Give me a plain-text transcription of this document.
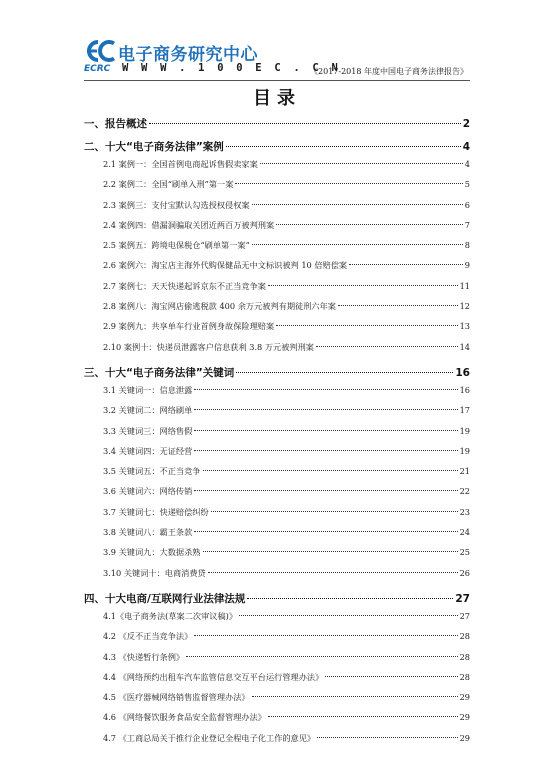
电子商务研究中心
ECRC W W W . 1 0 0 E C . C N
《2017-2018 年度中国电子商务法律报告》
目录
一、报告概述	2
二、十大“电子商务法律”案例	4
2.1 案例一：全国首例电商起诉售假卖家案	4
2.2 案例二：全国“刷单入刑”第一案	5
2.3 案例三：支付宝默认勾选授权侵权案	6
2.4 案例四：借漏洞骗取关团近两百万被判刑案	7
2.5 案例五：跨境电保税仓“刷单第一案”	8
2.6 案例六：淘宝店主海外代购保健品无中文标识被判 10 倍赔偿案	9
2.7 案例七：天天快递起诉京东不正当竞争案	11
2.8 案例八：淘宝网店偷逃税款 400 余万元被判有期徒刑六年案	12
2.9 案例九：共享单车行业首例身故保险理赔案	13
2.10 案例十：快递员泄露客户信息获利 3.8 万元被判刑案	14
三、十大“电子商务法律”关键词	16
3.1 关键词一：信息泄露	16
3.2 关键词二：网络刷单	17
3.3 关键词三：网络售假	19
3.4 关键词四：无证经营	19
3.5 关键词五：不正当竞争	21
3.6 关键词六：网络传销	22
3.7 关键词七：快递赔偿纠纷	23
3.8 关键词八：霸王条款	24
3.9 关键词九：大数据杀熟	25
3.10 关键词十：电商消费贷	26
四、十大电商/互联网行业法律法规	27
4.1《电子商务法(草案二次审议稿)》	27
4.2 《反不正当竞争法》	28
4.3 《快递暂行条例》	28
4.4 《网络预约出租车汽车监管信息交互平台运行管理办法》	28
4.5 《医疗器械网络销售监督管理办法》	29
4.6 《网络餐饮服务食品安全监督管理办法》	29
4.7 《工商总局关于推行企业登记全程电子化工作的意见》	29
